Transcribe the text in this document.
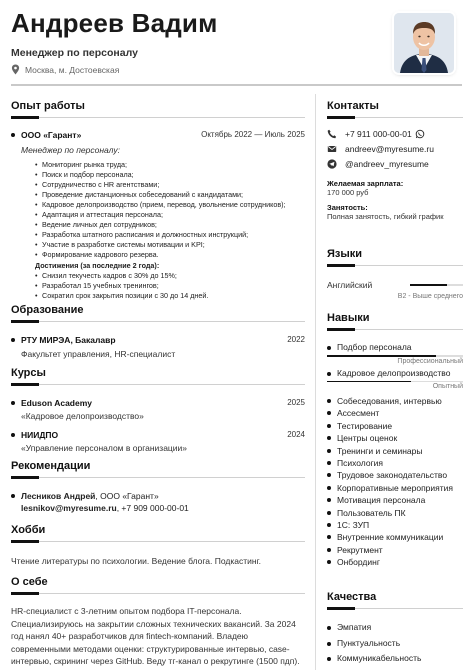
Андреев Вадим
Менеджер по персоналу
Москва, м. Достоевская
Опыт работы
ООО «Гарант»	Октябрь 2022 — Июль 2025
Менеджер по персоналу:
• Мониторинг рынка труда;
• Поиск и подбор персонала;
• Сотрудничество с HR агентствами;
• Проведение дистанционных собеседований с кандидатами;
• Кадровое делопроизводство (прием, перевод, увольнение сотрудников);
• Адаптация и аттестация персонала;
• Ведение личных дел сотрудников;
• Разработка штатного расписания и должностных инструкций;
• Участие в разработке системы мотивации и KPI;
• Формирование кадрового резерва.
Достижения (за последние 2 года):
• Снизил текучесть кадров с 30% до 15%;
• Разработал 15 учебных тренингов;
• Сократил срок закрытия позиции с 30 до 14 дней.
Образование
РТУ МИРЭА, Бакалавр	2022
Факультет управления, HR-специалист
Курсы
Eduson Academy	2025
«Кадровое делопроизводство»
НИИДПО	2024
«Управление персоналом в организации»
Рекомендации
Лесников Андрей, ООО «Гарант»
lesnikov@myresume.ru, +7 909 000-00-01
Хобби
Чтение литературы по психологии. Ведение блога. Подкастинг.
О себе
HR-специалист с 3-летним опытом подбора IT-персонала. Специализируюсь на закрытии сложных технических вакансий. За 2024 год нанял 40+ разработчиков для fintech-компаний. Владею современными методами оценки: структурированные интервью, case-интервью, скрининг через GitHub. Веду тг-канал о рекрутинге (1500 пдп).
Контакты
+7 911 000-00-01
andreev@myresume.ru
@andreev_myresume
Желаемая зарплата:
170 000 руб
Занятость:
Полная занятость, гибкий график
Языки
Английский
B2 - Выше среднего
Навыки
Подбор персонала
Профессиональный
Кадровое делопроизводство
Опытный
Собеседования, интервью
Ассесмент
Тестирование
Центры оценок
Тренинги и семинары
Психология
Трудовое законодательство
Корпоративные мероприятия
Мотивация персонала
Пользователь ПК
1С: ЗУП
Внутренние коммуникации
Рекрутмент
Онбординг
Качества
Эмпатия
Пунктуальность
Коммуникабельность
